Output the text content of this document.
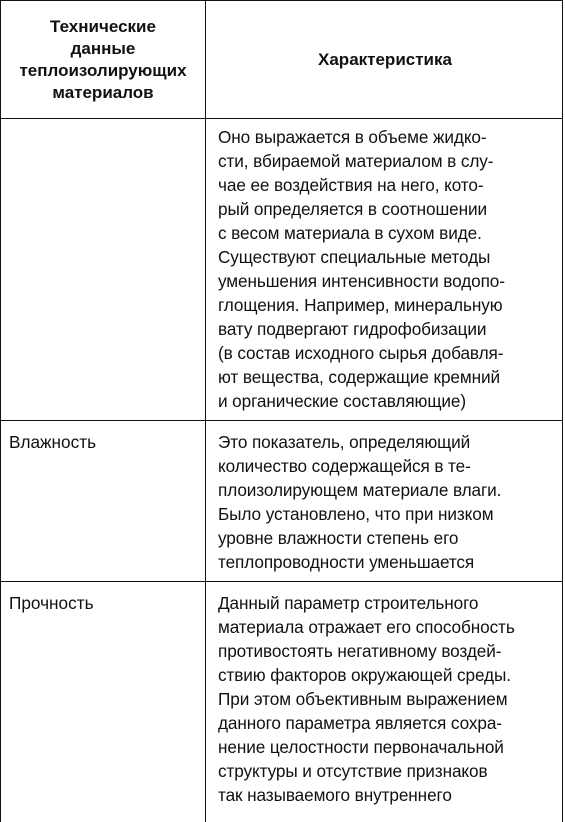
Технические
данные
теплоизолирующих
материалов
Характеристика
Оно выражается в объеме жидко-
сти, вбираемой материалом в слу-
чае ее воздействия на него, кото-
рый определяется в соотношении
с весом материала в сухом виде.
Существуют специальные методы
уменьшения интенсивности водопо-
глощения. Например, минеральную
вату подвергают гидрофобизации
(в состав исходного сырья добавля-
ют вещества, содержащие кремний
и органические составляющие)
Влажность	Это показатель, определяющий
количество содержащейся в те-
плоизолирующем материале влаги.
Было установлено, что при низком
уровне влажности степень его
теплопроводности уменьшается
Прочность	Данный параметр строительного
материала отражает его способность
противостоять негативному воздей-
ствию факторов окружающей среды.
При этом объективным выражением
данного параметра является сохра-
нение целостности первоначальной
структуры и отсутствие признаков
так называемого внутреннего
